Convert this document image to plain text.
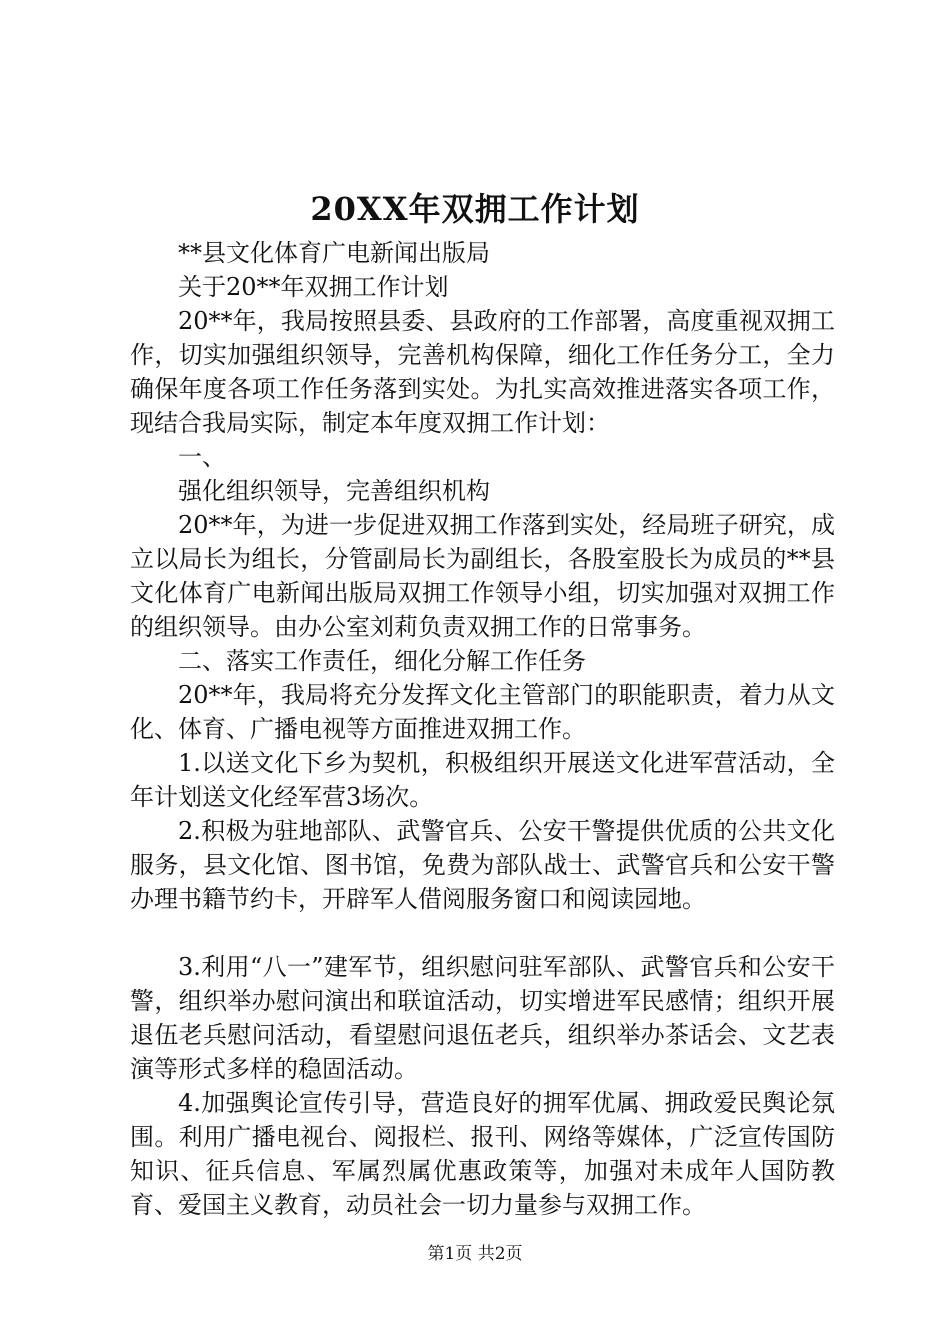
20XX年双拥工作计划

**县文化体育广电新闻出版局

关于20**年双拥工作计划

20**年，我局按照县委、县政府的工作部署，高度重视双拥工作，切实加强组织领导，完善机构保障，细化工作任务分工，全力确保年度各项工作任务落到实处。为扎实高效推进落实各项工作，现结合我局实际，制定本年度双拥工作计划：

一、

强化组织领导，完善组织机构

20**年，为进一步促进双拥工作落到实处，经局班子研究，成立以局长为组长，分管副局长为副组长，各股室股长为成员的**县文化体育广电新闻出版局双拥工作领导小组，切实加强对双拥工作的组织领导。由办公室刘莉负责双拥工作的日常事务。

二、落实工作责任，细化分解工作任务

20**年，我局将充分发挥文化主管部门的职能职责，着力从文化、体育、广播电视等方面推进双拥工作。

1.以送文化下乡为契机，积极组织开展送文化进军营活动，全年计划送文化经军营3场次。

2.积极为驻地部队、武警官兵、公安干警提供优质的公共文化服务，县文化馆、图书馆，免费为部队战士、武警官兵和公安干警办理书籍节约卡，开辟军人借阅服务窗口和阅读园地。

3.利用“八一”建军节，组织慰问驻军部队、武警官兵和公安干警，组织举办慰问演出和联谊活动，切实增进军民感情；组织开展退伍老兵慰问活动，看望慰问退伍老兵，组织举办茶话会、文艺表演等形式多样的稳固活动。

4.加强舆论宣传引导，营造良好的拥军优属、拥政爱民舆论氛围。利用广播电视台、阅报栏、报刊、网络等媒体，广泛宣传国防知识、征兵信息、军属烈属优惠政策等，加强对未成年人国防教育、爱国主义教育，动员社会一切力量参与双拥工作。

第1页 共2页
